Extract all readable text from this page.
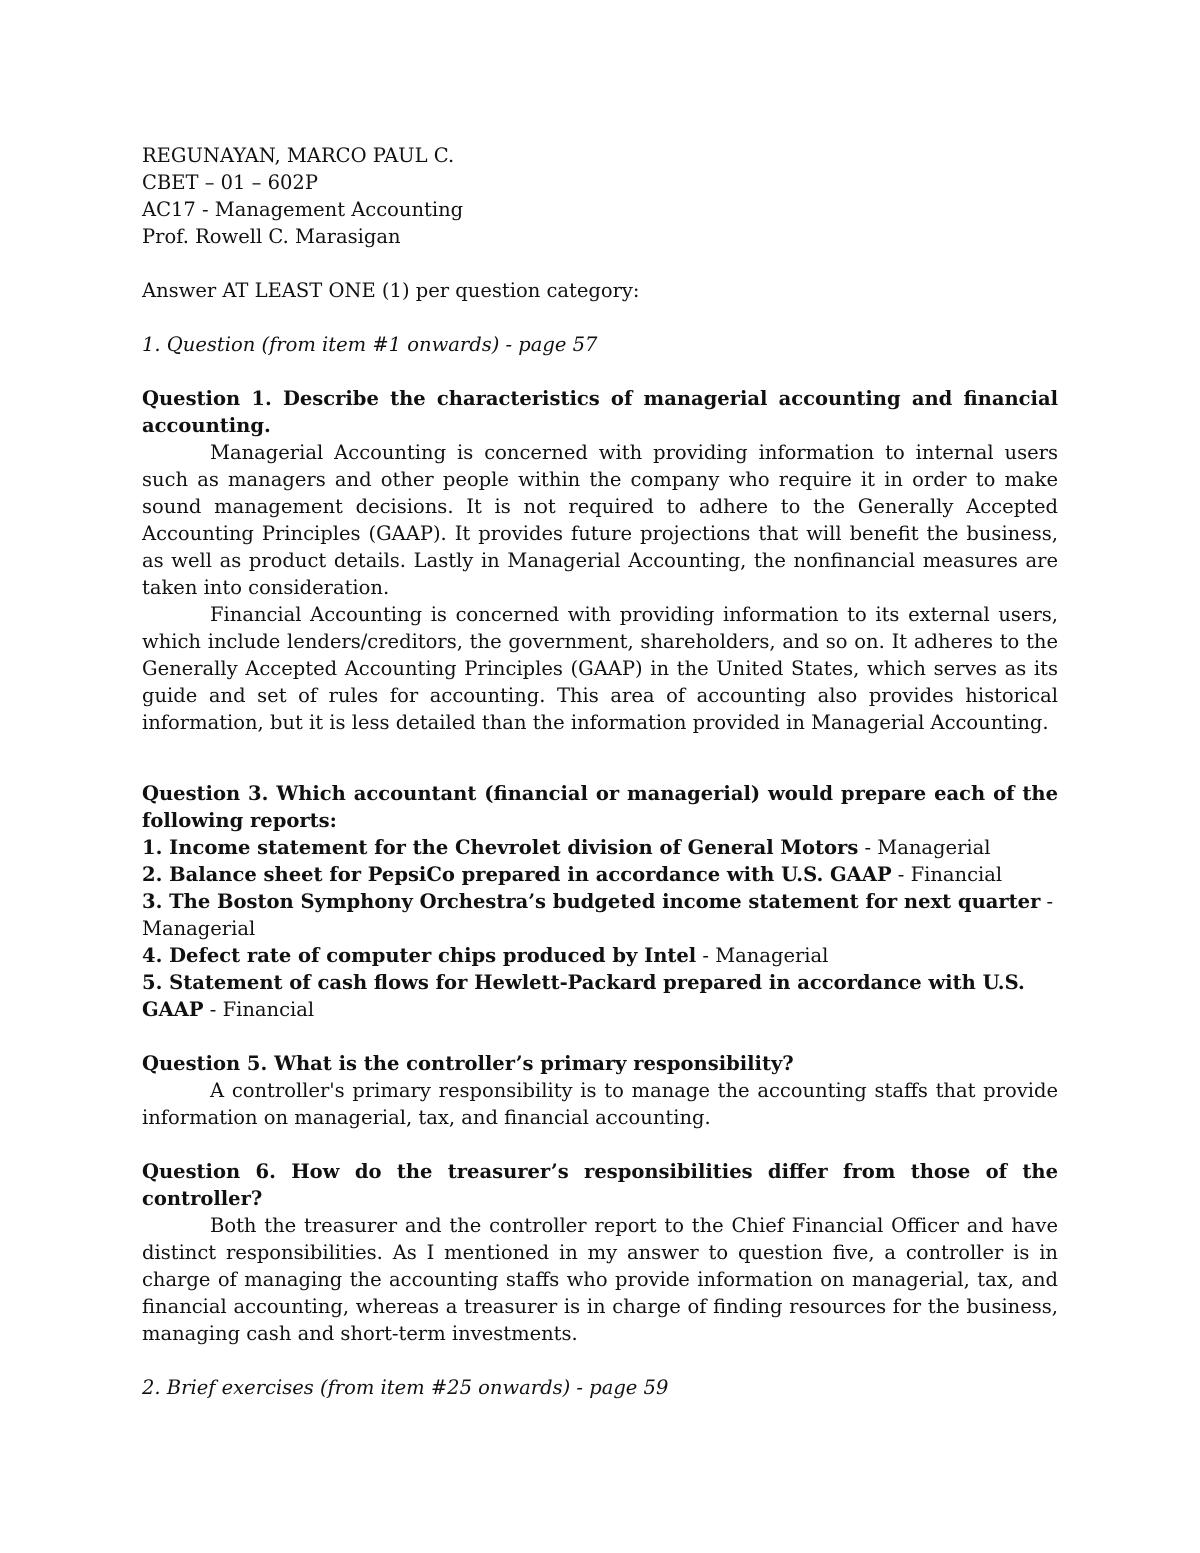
REGUNAYAN, MARCO PAUL C.

CBET – 01 – 602P

AC17 - Management Accounting

Prof. Rowell C. Marasigan

Answer AT LEAST ONE (1) per question category:

1. Question (from item #1 onwards) - page 57

Question 1. Describe the characteristics of managerial accounting and financial accounting.

Managerial Accounting is concerned with providing information to internal users such as managers and other people within the company who require it in order to make sound management decisions. It is not required to adhere to the Generally Accepted Accounting Principles (GAAP). It provides future projections that will benefit the business, as well as product details. Lastly in Managerial Accounting, the nonfinancial measures are taken into consideration.

Financial Accounting is concerned with providing information to its external users, which include lenders/creditors, the government, shareholders, and so on. It adheres to the Generally Accepted Accounting Principles (GAAP) in the United States, which serves as its guide and set of rules for accounting. This area of accounting also provides historical information, but it is less detailed than the information provided in Managerial Accounting.

Question 3. Which accountant (financial or managerial) would prepare each of the following reports:

1. Income statement for the Chevrolet division of General Motors - Managerial

2. Balance sheet for PepsiCo prepared in accordance with U.S. GAAP - Financial

3. The Boston Symphony Orchestra’s budgeted income statement for next quarter - Managerial

4. Defect rate of computer chips produced by Intel - Managerial

5. Statement of cash flows for Hewlett-Packard prepared in accordance with U.S. GAAP - Financial

Question 5. What is the controller’s primary responsibility?

A controller's primary responsibility is to manage the accounting staffs that provide information on managerial, tax, and financial accounting.

Question 6. How do the treasurer’s responsibilities differ from those of the controller?

Both the treasurer and the controller report to the Chief Financial Officer and have distinct responsibilities. As I mentioned in my answer to question five, a controller is in charge of managing the accounting staffs who provide information on managerial, tax, and financial accounting, whereas a treasurer is in charge of finding resources for the business, managing cash and short-term investments.

2. Brief exercises (from item #25 onwards) - page 59
